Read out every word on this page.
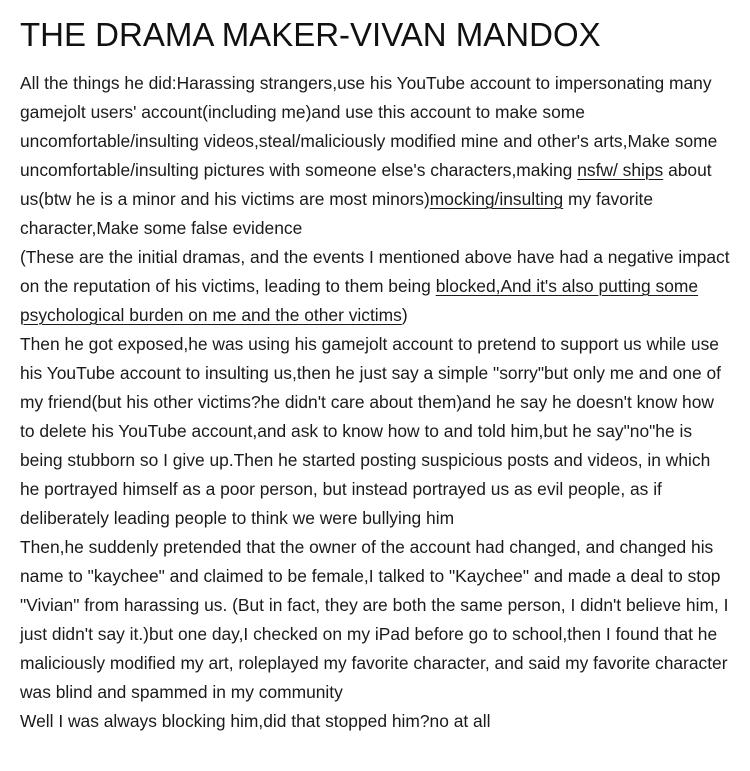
THE DRAMA MAKER-VIVAN MANDOX

All the things he did:Harassing strangers,use his YouTube account to impersonating many gamejolt users' account(including me)and use this account to make some uncomfortable/insulting videos,steal/maliciously modified mine and other's arts,Make some uncomfortable/insulting pictures with someone else's characters,making nsfw/ ships about us(btw he is a minor and his victims are most minors)mocking/insulting my favorite character,Make some false evidence

(These are the initial dramas, and the events I mentioned above have had a negative impact on the reputation of his victims, leading to them being blocked,And it's also putting some psychological burden on me and the other victims)

Then he got exposed,he was using his gamejolt account to pretend to support us while use his YouTube account to insulting us,then he just say a simple "sorry"but only me and one of my friend(but his other victims?he didn't care about them)and he say he doesn't know how to delete his YouTube account,and ask to know how to and told him,but he say"no"he is being stubborn so I give up.Then he started posting suspicious posts and videos, in which he portrayed himself as a poor person, but instead portrayed us as evil people, as if deliberately leading people to think we were bullying him

Then,he suddenly pretended that the owner of the account had changed, and changed his name to "kaychee" and claimed to be female,I talked to "Kaychee" and made a deal to stop "Vivian" from harassing us. (But in fact, they are both the same person, I didn't believe him, I just didn't say it.)but one day,I checked on my iPad before go to school,then I found that he maliciously modified my art, roleplayed my favorite character, and said my favorite character was blind and spammed in my community

Well I was always blocking him,did that stopped him?no at all
